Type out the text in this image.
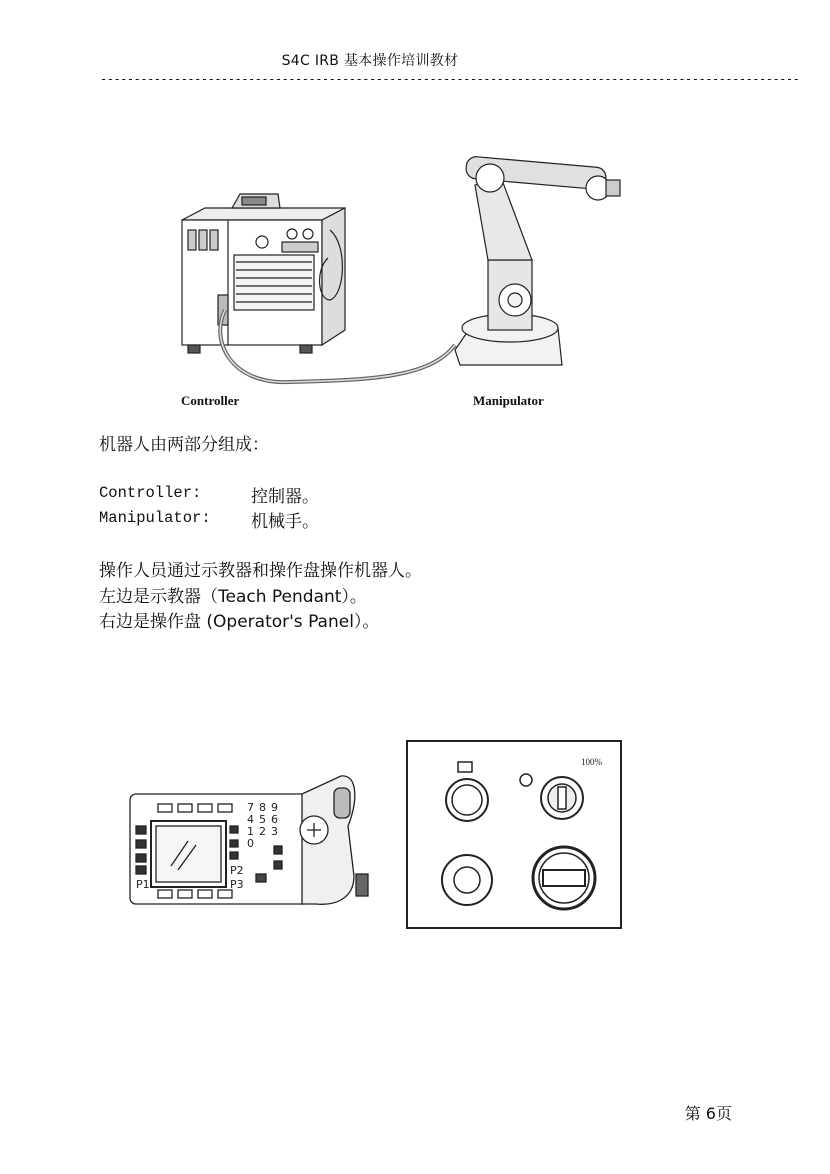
S4C IRB 基本操作培训教材
--------------------------------------------------------------------------------------------------------
Controller	Manipulator
机器人由两部分组成：
Controller:	控制器。
Manipulator: 机械手。
操作人员通过示教器和操作盘操作机器人。
左边是示教器（Teach Pendant）。
右边是操作盘 (Operator's Panel）。
7 8 9
4 5 6
1 2 3
0
P1
P2
P3
100%
第 6页
